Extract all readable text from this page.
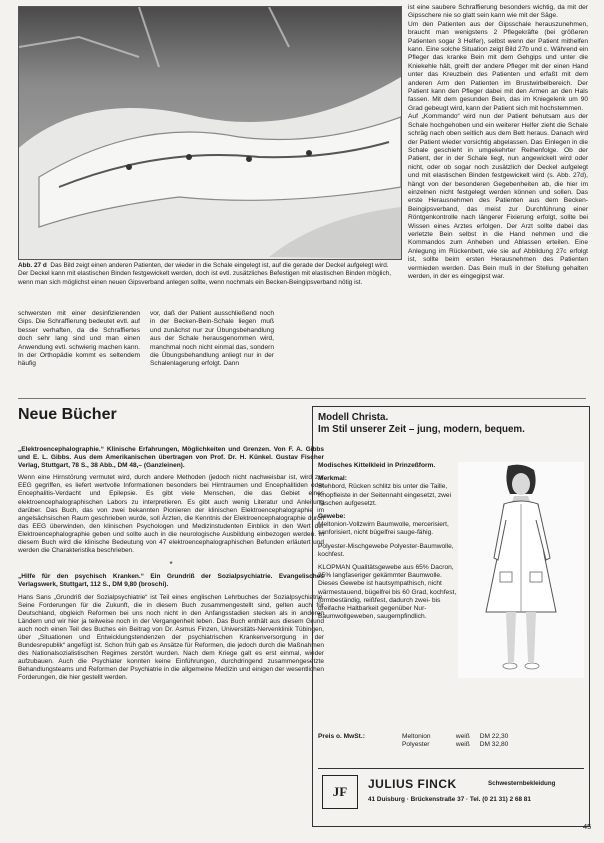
Abb. 27 d Das Bild zeigt einen anderen Patienten, der wieder in die Schale eingelegt ist, auf die gerade der Deckel aufgelegt wird. Der Deckel kann mit elastischen Binden festgewickelt werden, doch ist evtl. zusätzliches Befestigen mit elastischen Binden möglich, wenn man sich möglichst einen neuen Gipsverband anlegen sollte, wenn nochmals ein Becken-Beingipsverband nötig ist.
schwersten mit einer desinfizierenden Gips. Die Schraffierung bedeutet evtl. auf besser verhaften, da die Schraffiertes doch sehr lang sind und man einen Anwendung evtl. schwierig machen kann. In der Orthopädie kommt es seltendem häufig
vor, daß der Patient ausschließend noch in der Becken-Bein-Schale liegen muß und zunächst nur zur Übungsbehandlung aus der Schale herausgenommen wird, manchmal noch nicht einmal das, sondern die Übungsbehandlung anliegt nur in der Schalenlagerung erfolgt. Dann

ist eine saubere Schraffierung besonders wichtig, da mit der Gipsschere nie so glatt sein kann wie mit der Säge.

Um den Patienten aus der Gipsschale herauszunehmen, braucht man wenigstens 2 Pflegekräfte (bei größeren Patienten sogar 3 Helfer), selbst wenn der Patient mithelfen kann. Eine solche Situation zeigt Bild 27b und c. Während ein Pfleger das kranke Bein mit dem Gehgips und unter die Kniekehle hält, greift der andere Pfleger mit der einen Hand unter das Kreuzbein des Patienten und erfaßt mit dem anderen Arm den Patienten im Brustwirbelbereich. Der Patient kann den Pfleger dabei mit den Armen an den Hals fassen. Mit dem gesunden Bein, das im Kniegelenk um 90 Grad gebeugt wird, kann der Patient sich mit hochstemmen.

Auf „Kommando“ wird nun der Patient behutsam aus der Schale hochgehoben und ein weiterer Helfer zieht die Schale schräg nach oben seitlich aus dem Bett heraus. Danach wird der Patient wieder vorsichtig abgelassen. Das Einlegen in die Schale geschieht in umgekehrter Reihenfolge. Ob der Patient, der in der Schale liegt, nun angewickelt wird oder nicht, oder ob sogar noch zusätzlich der Deckel aufgelegt und mit elastischen Binden festgewickelt wird (s. Abb. 27d), hängt von der besonderen Gegebenheiten ab, die hier im einzelnen nicht festgelegt werden können und sollen. Das erste Herausnehmen des Patienten aus dem Becken-Beingipsverband, das meist zur Durchführung einer Röntgenkontrolle nach längerer Fixierung erfolgt, sollte bei Wissen eines Arztes erfolgen. Der Arzt sollte dabei das verletzte Bein selbst in die Hand nehmen und die Kommandos zum Anheben und Ablassen erteilen. Eine Anlegung im Rückenbett, wie sie auf Abbildung 27c erfolgt ist, sollte beim ersten Herausnehmen des Patienten vermieden werden. Das Bein muß in der Stellung gehalten werden, in der es eingegipst war.

Neue Bücher

„Elektroencephalographie.“ Klinische Erfahrungen, Möglichkeiten und Grenzen. Von F. A. Gibbs und E. L. Gibbs. Aus dem Amerikanischen übertragen von Prof. Dr. H. Künkel. Gustav Fischer Verlag, Stuttgart, 78 S., 38 Abb., DM 48,– (Ganzleinen).

Wenn eine Hirnstörung vermutet wird, durch andere Methoden (jedoch nicht nachweisbar ist, wird zur EEG gegriffen, es liefert wertvolle Informationen besonders bei Hirntraumen und Encephalitiden oder Encephalitis-Verdacht und Epilepsie. Es gibt viele Menschen, die das Gebiet eines elektroencephalographischen Labors zu interpretieren. Es gibt auch wenig Literatur und Anleitung darüber. Das Buch, das von zwei bekannten Pionieren der klinischen Elektroencephalographie im angelsächsischen Raum geschrieben wurde, soll Ärzten, die Kenntnis der Elektroencephalographie durch das EEG überwinden, den klinischen Psychologen und Medizinstudenten Einblick in den Wert der Elektroencephalographie geben und sollte auch in die neurologische Ausbildung einbezogen werden. In diesem Buch wird die klinische Bedeutung von 47 elektroencephalographischen Befunden erläutert und werden die Charakteristika beschrieben.

*

„Hilfe für den psychisch Kranken.“ Ein Grundriß der Sozialpsychiatrie. Evangelisches Verlagswerk, Stuttgart, 112 S., DM 9,80 (broschi).

Hans Sans „Grundriß der Sozialpsychiatrie“ ist Teil eines englischen Lehrbuches der Sozialpsychiatrie. Seine Forderungen für die Zukunft, die in diesem Buch zusammengestellt sind, gelten auch für Deutschland, obgleich Reformen bei uns noch nicht in den Anfangsstadien stecken als in anderen Ländern und wir hier ja teilweise noch in der Vergangenheit leben. Das Buch enthält aus diesem Grund auch noch einen Teil des Buches ein Beitrag von Dr. Asmus Finzen, Universitäts-Nervenklinik Tübingen, über „Situationen und Entwicklungstendenzen der psychiatrischen Krankenversorgung in der Bundesrepublik“ angefügt ist. Schon früh gab es Ansätze für Reformen, die jedoch durch die Maßnahmen des Nationalsozialistischen Regimes zerstört wurden. Nach dem Kriege galt es erst einmal, wieder aufzubauen. Auch die Psychiater konnten keine Einführungen, durchdringend zusammengesetzte Behandlungsteams und Reformen der Psychiatrie in die allgemeine Medizin und einigen der wesentlichen Forderungen, die hier gestellt werden.

Modell Christa.
Im Stil unserer Zeit – jung, modern, bequem.

Modisches Kittelkleid in Prinzeßform.

Merkmal:

Stehbord, Rücken schlitz bis unter die Taille, Knopfleiste in der Seitennaht eingesetzt, zwei Taschen aufgesetzt.

Gewebe:

Meltonion-Vollzwirn Baumwolle, mercerisiert, sanforisiert, nicht bügelfrei sauge-fähig.

Polyester-Mischgewebe Polyester-Baumwolle, kochfest.

KLOPMAN Qualitätsgewebe aus 65% Dacron, 35% langfaseriger gekämmter Baumwolle. Dieses Gewebe ist hautsympathisch, nicht wärmestauend, bügelfrei bis 60 Grad, kochfest, formbeständig, reißfest, dadurch zwei- bis dreifache Haltbarkeit gegenüber Nur-Baumwollgeweben, saugempfindlich.

Preis o. MwSt.:	Meltonion	weiß DM 22,30
Polyester	weiß DM 32,80
JF JULIUS FINCK	Schwesternbekleidung
41 Duisburg · Brückenstraße 37 · Tel. (0 21 31) 2 68 81
45
